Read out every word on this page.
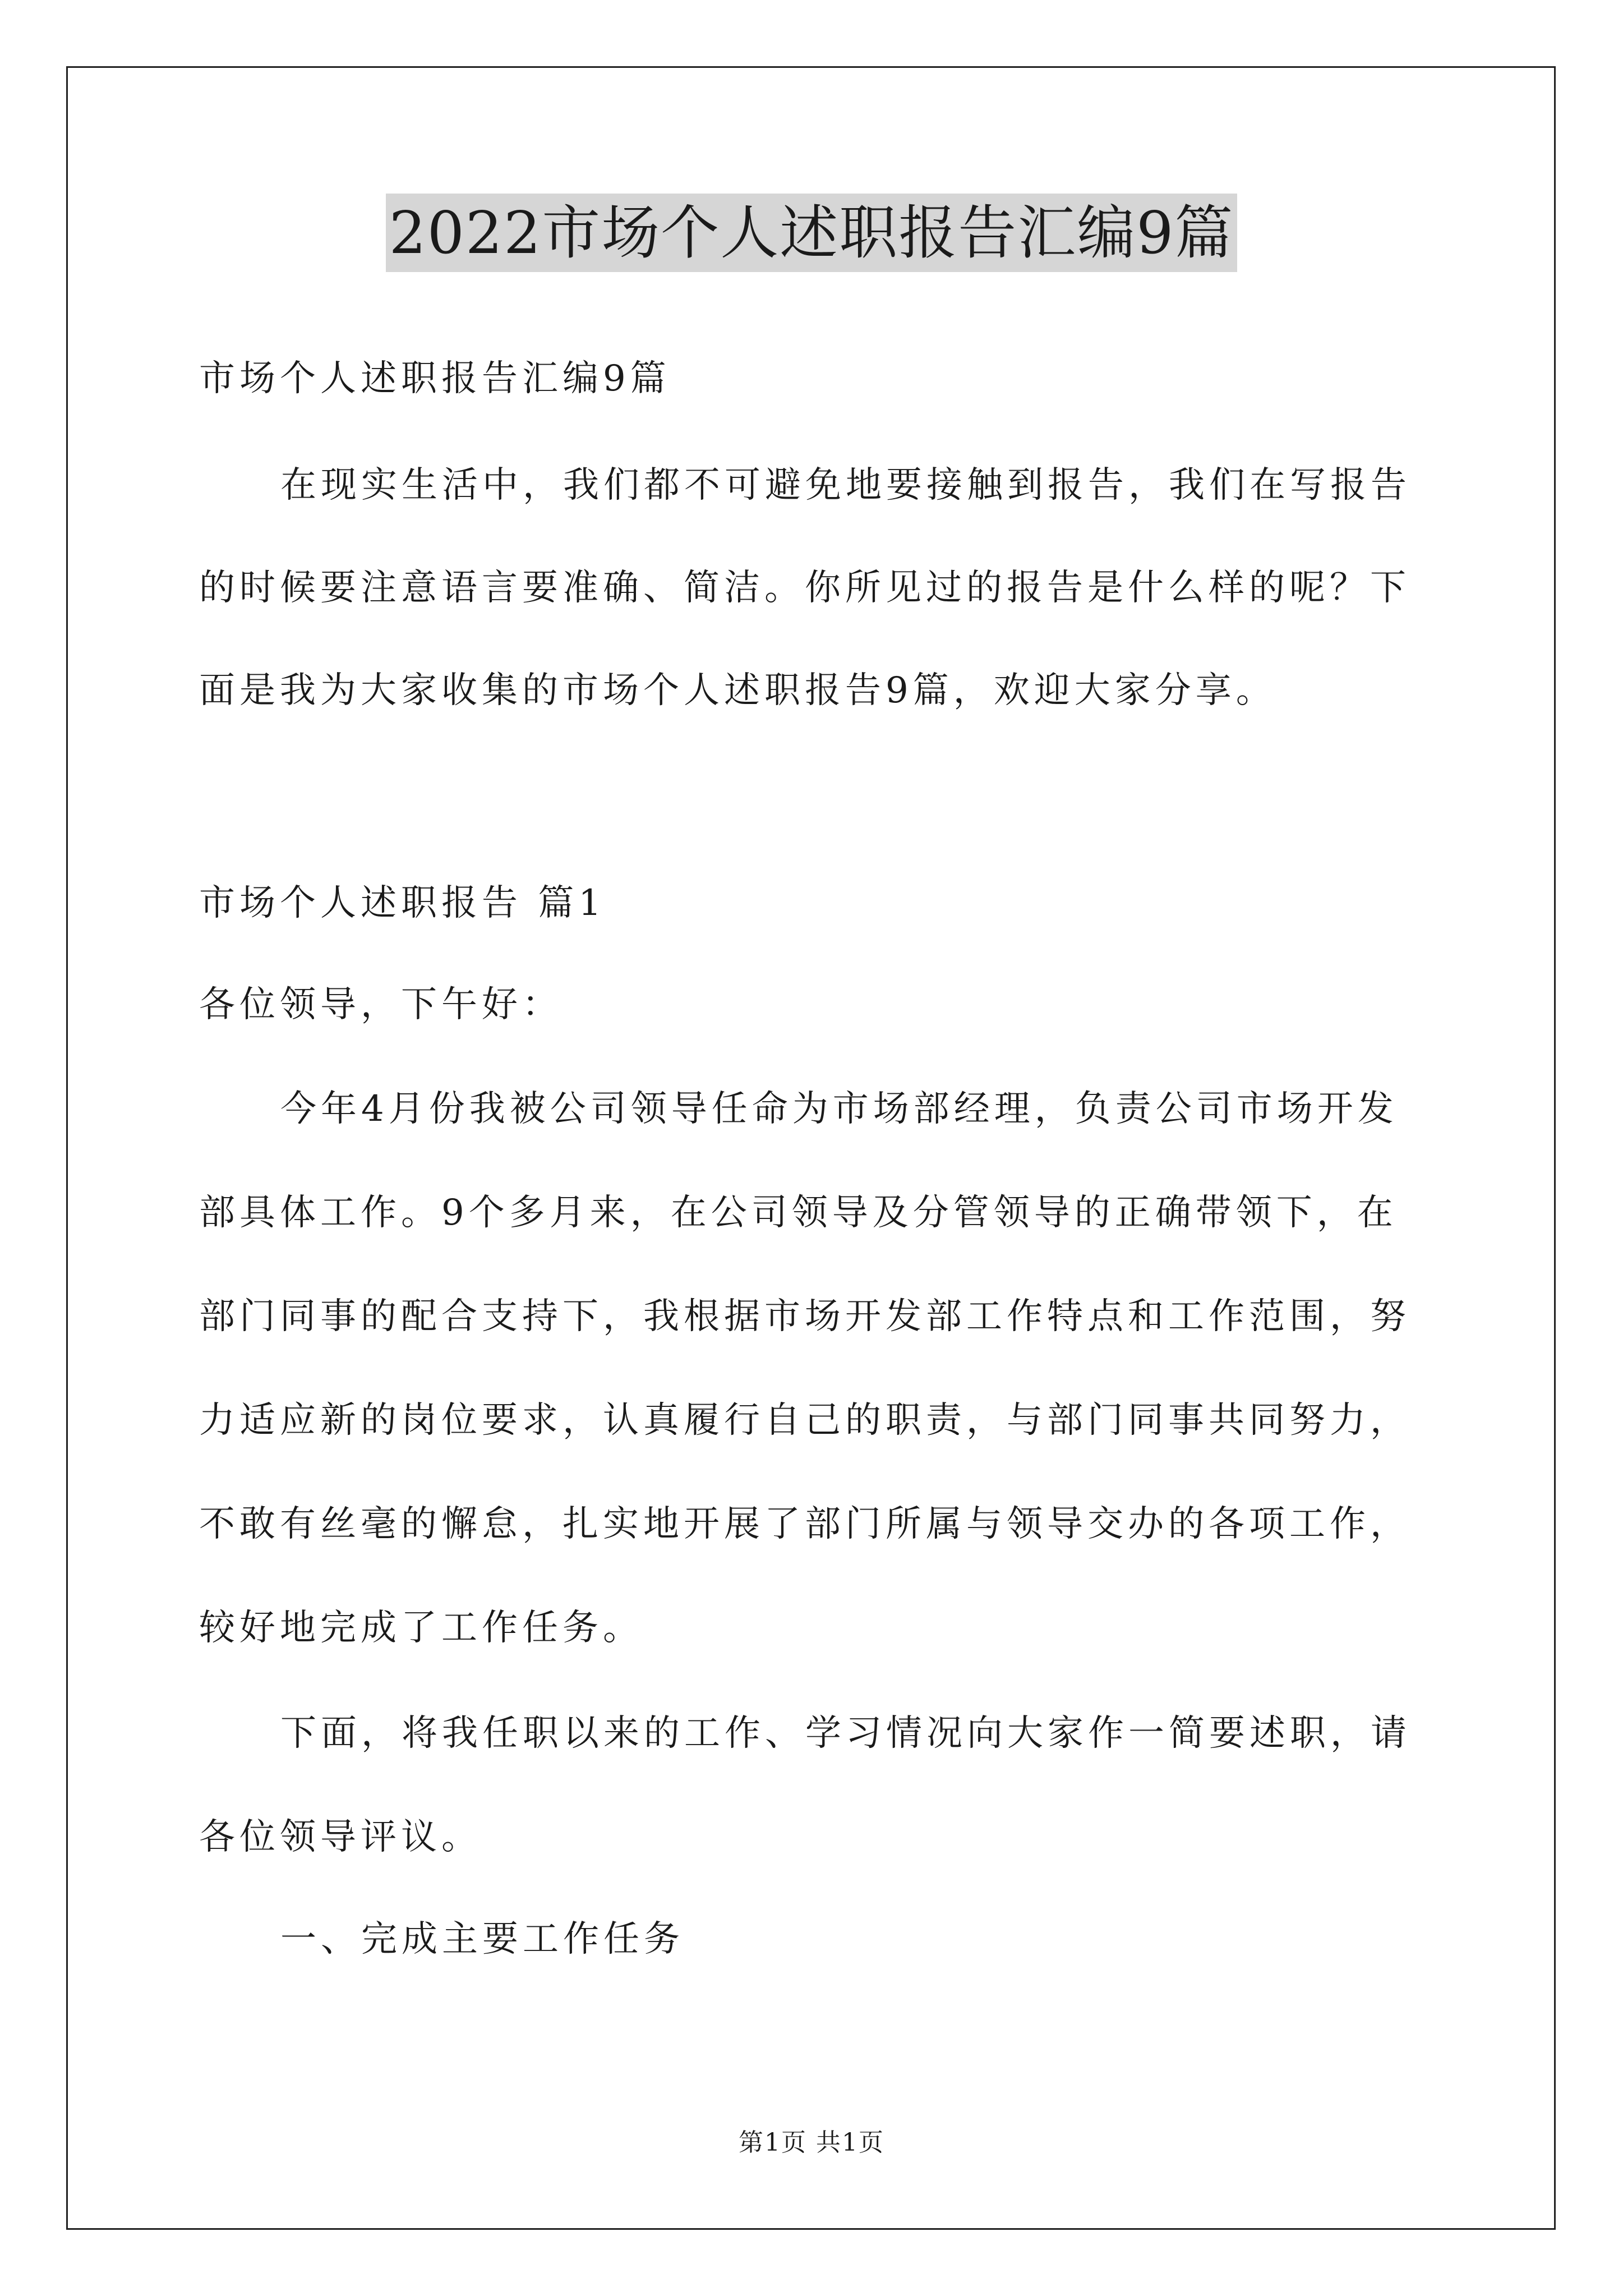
2022市场个人述职报告汇编9篇
市场个人述职报告汇编9篇
在现实生活中，我们都不可避免地要接触到报告，我们在写报告
的时候要注意语言要准确、简洁。你所见过的报告是什么样的呢？下
面是我为大家收集的市场个人述职报告9篇，欢迎大家分享。
市场个人述职报告 篇1
各位领导，下午好：
今年4月份我被公司领导任命为市场部经理，负责公司市场开发
部具体工作。9个多月来，在公司领导及分管领导的正确带领下，在
部门同事的配合支持下，我根据市场开发部工作特点和工作范围，努
力适应新的岗位要求，认真履行自己的职责，与部门同事共同努力，
不敢有丝毫的懈怠，扎实地开展了部门所属与领导交办的各项工作，
较好地完成了工作任务。
下面，将我任职以来的工作、学习情况向大家作一简要述职，请
各位领导评议。
一、完成主要工作任务
第1页 共1页
